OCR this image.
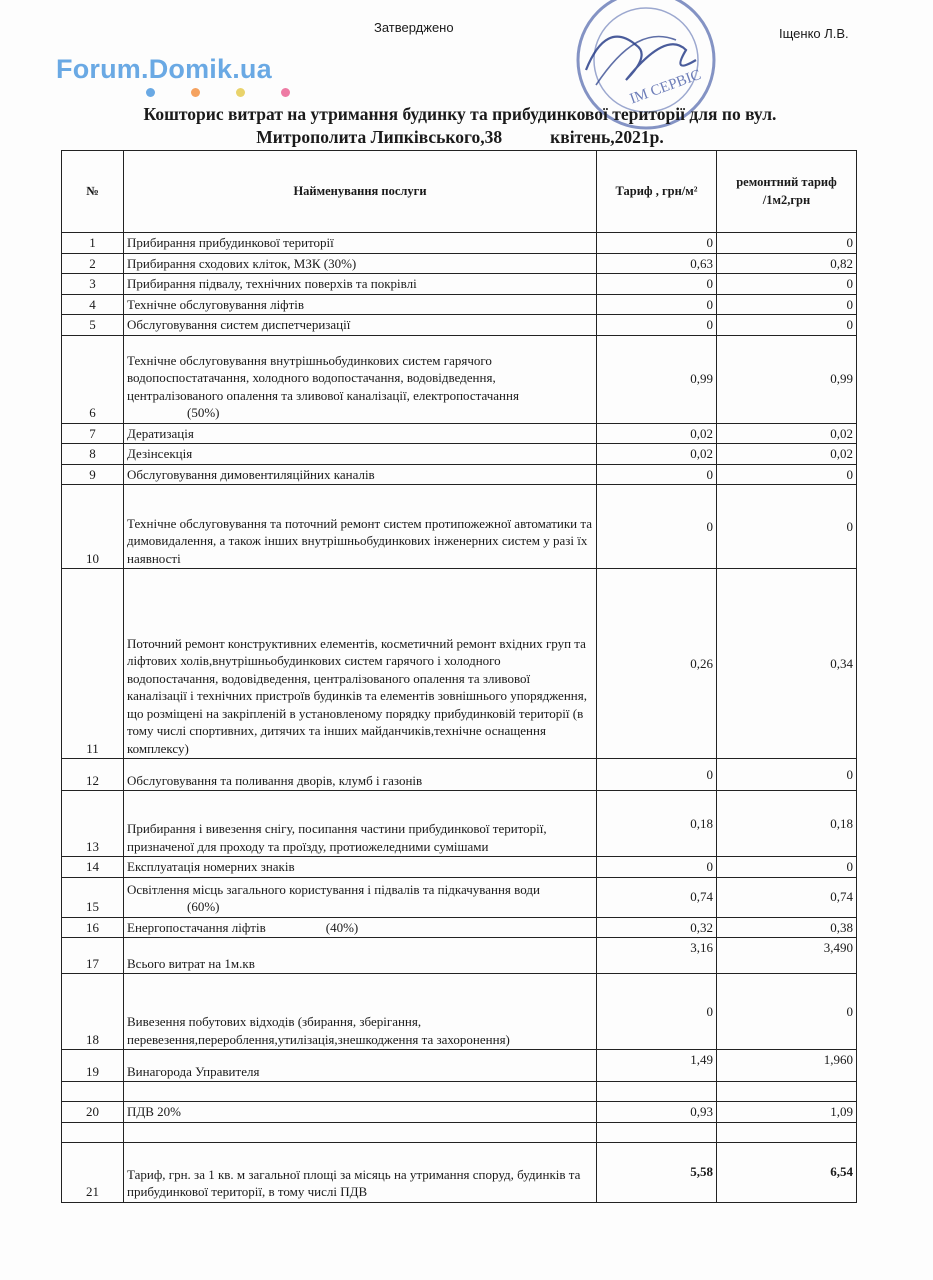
Затверджено	Іщенко Л.В.
Forum.Domik.ua	ІМ СЕРВІС
Кошторис витрат на утримання будинку та прибудинкової території для по вул.
Митрополита Липківського,38	квітень,2021р.
№	Найменування послуги	Тариф , грн/м²	ремонтний тариф /1м2,грн
1	Прибирання прибудинкової території	0	0
2	Прибирання сходових кліток, МЗК (30%)	0,63	0,82
3	Прибирання підвалу, технічних поверхів та покрівлі	0	0
4	Технічне обслуговування ліфтів	0	0
5	Обслуговування систем диспетчеризації	0	0
6	Технічне обслуговування внутрішньобудинкових систем гарячого водопоспостатачання, холодного водопостачання, водовідведення, централізованого опалення та зливової каналізації, електропостачання(50%)	0,99	0,99
7	Дератизація	0,02	0,02
8	Дезінсекція	0,02	0,02
9	Обслуговування димовентиляційних каналів	0	0
10	Технічне обслуговування та поточний ремонт систем протипожежної автоматики та димовидалення, а також інших внутрішньобудинкових інженерних систем у разі їх наявності	0	0
11	Поточний ремонт конструктивних елементів, косметичний ремонт вхідних груп та ліфтових холів,внутрішньобудинкових систем гарячого і холодного водопостачання, водовідведення, централізованого опалення та зливової каналізації і технічних пристроїв будинків та елементів зовнішнього упорядження, що розміщені на закріпленій в установленому порядку прибудинковій території (в тому числі спортивних, дитячих та інших майданчиків,технічне оснащення комплексу)	0,26	0,34
12	Обслуговування та поливання дворів, клумб і газонів	0	0
13	Прибирання і вивезення снігу, посипання частини прибудинкової території, призначеної для проходу та проїзду, протиожеледними сумішами	0,18	0,18
14	Експлуатація номерних знаків	0	0
15	Освітлення місць загального користування і підвалів та підкачування води(60%)	0,74	0,74
16	Енергопостачання ліфтів (40%)	0,32	0,38
17	Всього витрат на 1м.кв	3,16	3,490
18	Вивезення побутових відходів (збирання, зберігання, перевезення,перероблення,утилізація,знешкодження та захоронення)	0	0
19	Винагорода Управителя	1,49	1,960

20	ПДВ 20%	0,93	1,09

21	Тариф, грн. за 1 кв. м загальної площі за місяць на утримання споруд, будинків та прибудинкової території, в тому числі ПДВ	5,58	6,54
